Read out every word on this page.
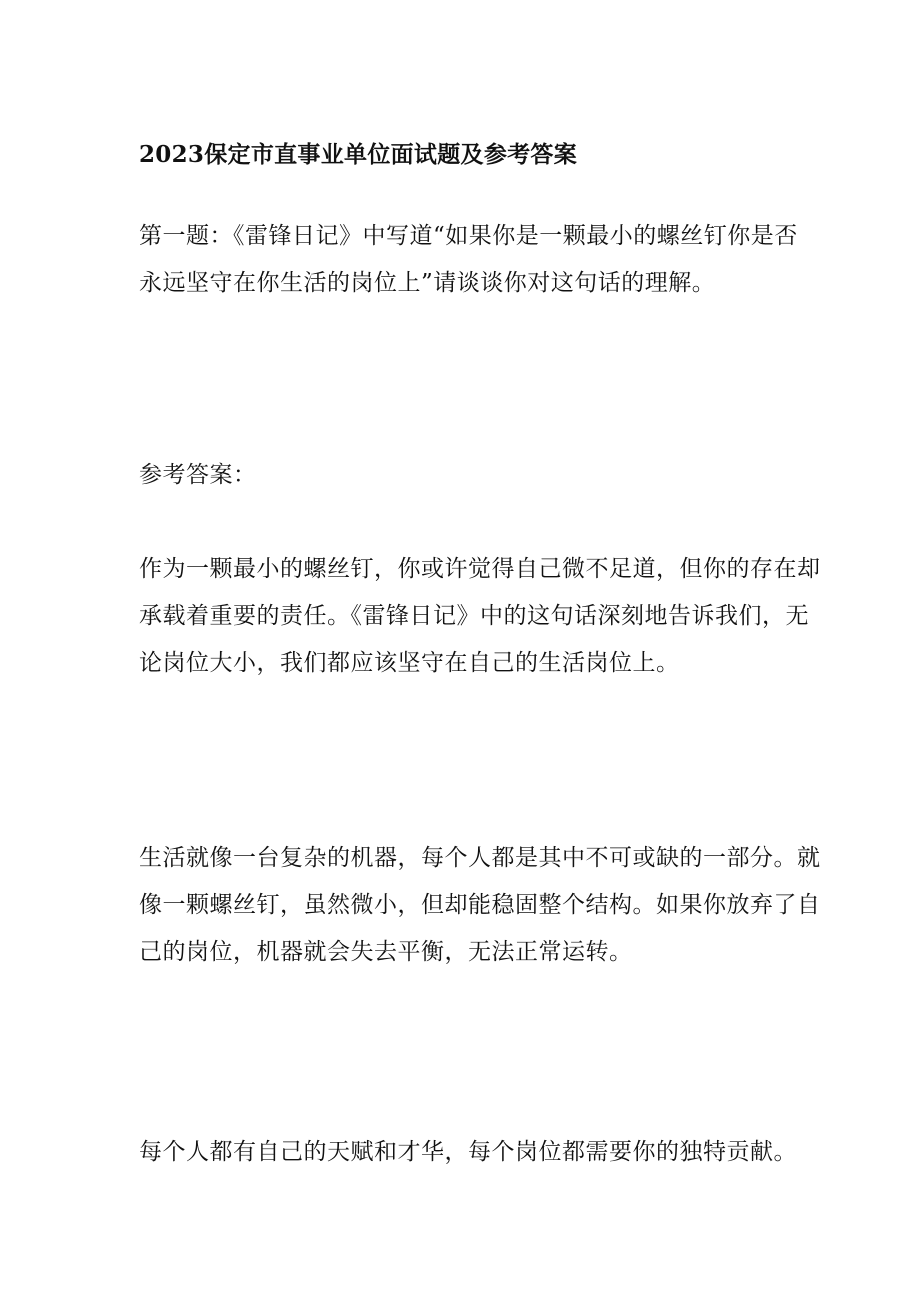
2023保定市直事业单位面试题及参考答案

第一题：《雷锋日记》中写道“如果你是一颗最小的螺丝钉你是否
永远坚守在你生活的岗位上”请谈谈你对这句话的理解。

参考答案：

作为一颗最小的螺丝钉，你或许觉得自己微不足道，但你的存在却
承载着重要的责任。《雷锋日记》中的这句话深刻地告诉我们，无
论岗位大小，我们都应该坚守在自己的生活岗位上。

生活就像一台复杂的机器，每个人都是其中不可或缺的一部分。就
像一颗螺丝钉，虽然微小，但却能稳固整个结构。如果你放弃了自
己的岗位，机器就会失去平衡，无法正常运转。

每个人都有自己的天赋和才华，每个岗位都需要你的独特贡献。
